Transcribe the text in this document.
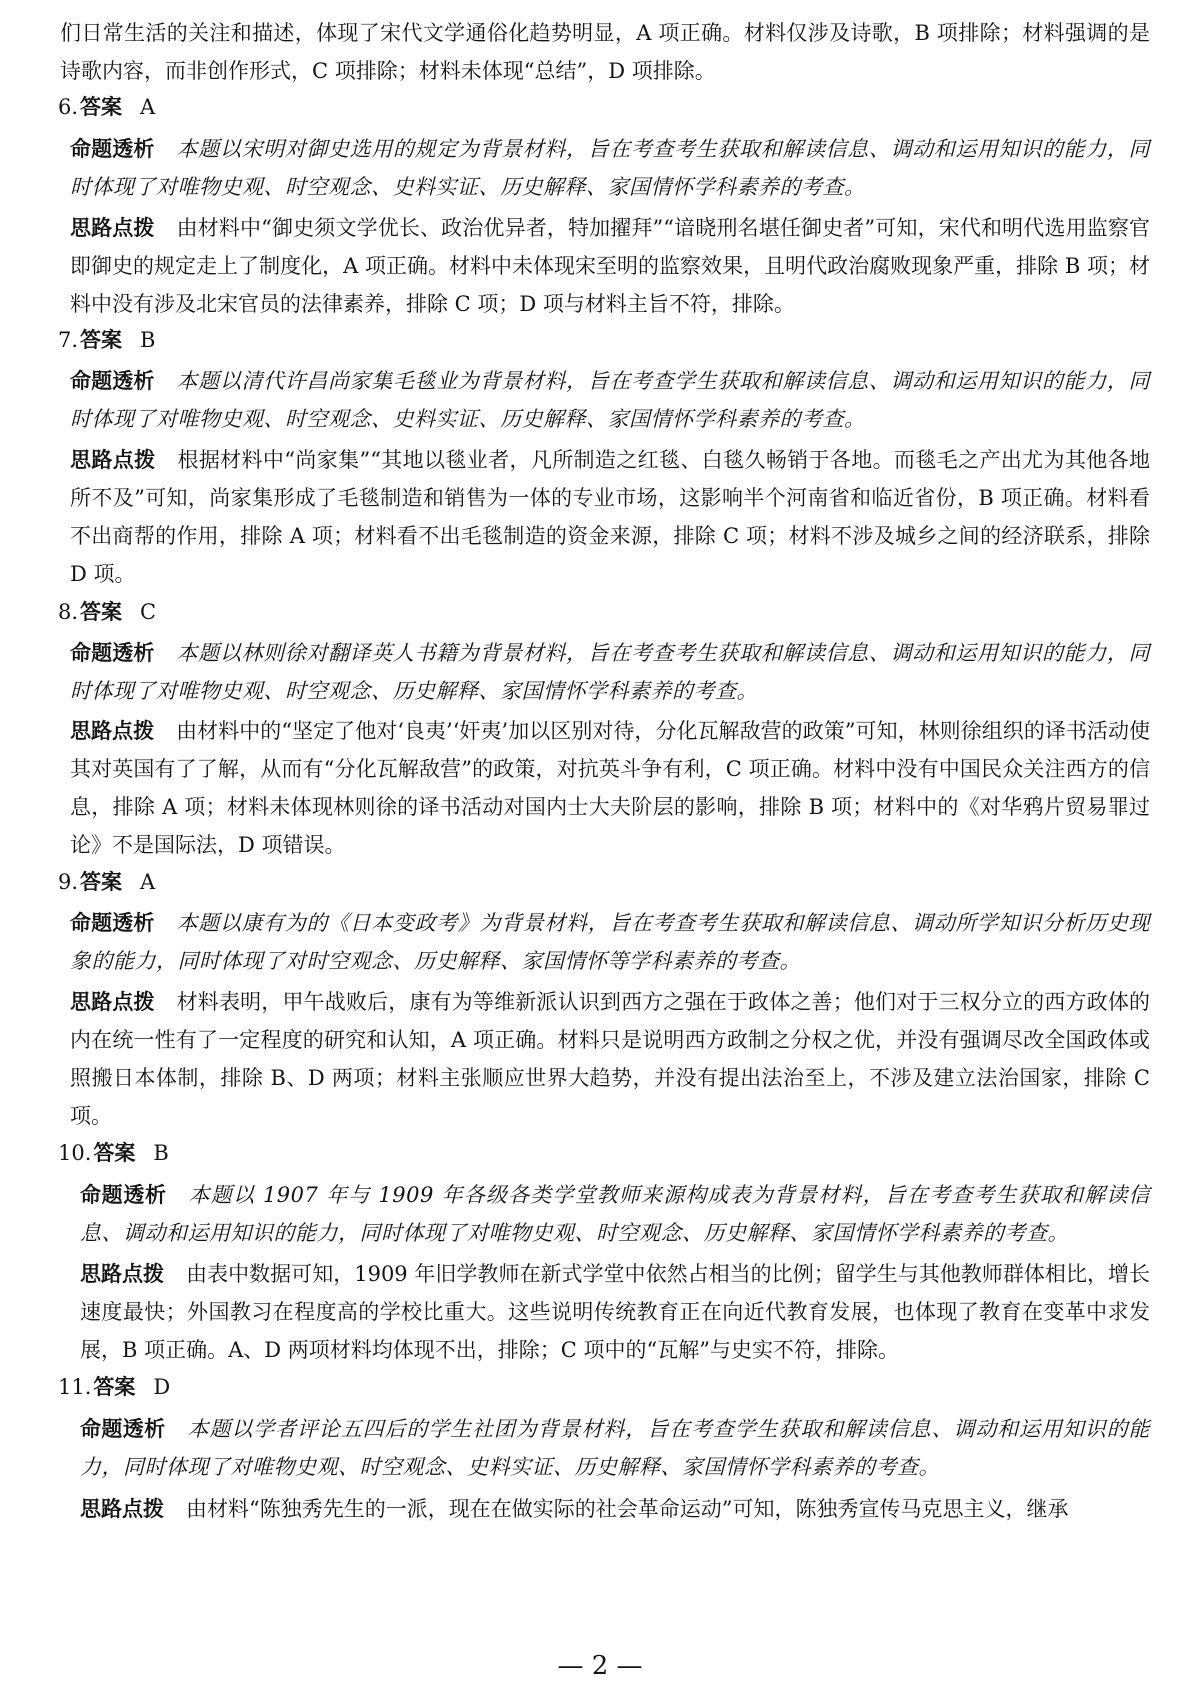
们日常生活的关注和描述，体现了宋代文学通俗化趋势明显，A 项正确。材料仅涉及诗歌，B 项排除；材料强调的是诗歌内容，而非创作形式，C 项排除；材料未体现“总结”，D 项排除。
6.答案 A

命题透析 本题以宋明对御史选用的规定为背景材料，旨在考查考生获取和解读信息、调动和运用知识的能力，同时体现了对唯物史观、时空观念、史料实证、历史解释、家国情怀学科素养的考查。

思路点拨 由材料中“御史须文学优长、政治优异者，特加擢拜”“谙晓刑名堪任御史者”可知，宋代和明代选用监察官即御史的规定走上了制度化，A 项正确。材料中未体现宋至明的监察效果，且明代政治腐败现象严重，排除 B 项；材料中没有涉及北宋官员的法律素养，排除 C 项；D 项与材料主旨不符，排除。

7.答案 B

命题透析 本题以清代许昌尚家集毛毯业为背景材料，旨在考查学生获取和解读信息、调动和运用知识的能力，同时体现了对唯物史观、时空观念、史料实证、历史解释、家国情怀学科素养的考查。

思路点拨 根据材料中“尚家集”“其地以毯业者，凡所制造之红毯、白毯久畅销于各地。而毯毛之产出尤为其他各地所不及”可知，尚家集形成了毛毯制造和销售为一体的专业市场，这影响半个河南省和临近省份，B 项正确。材料看不出商帮的作用，排除 A 项；材料看不出毛毯制造的资金来源，排除 C 项；材料不涉及城乡之间的经济联系，排除 D 项。

8.答案 C

命题透析 本题以林则徐对翻译英人书籍为背景材料，旨在考查考生获取和解读信息、调动和运用知识的能力，同时体现了对唯物史观、时空观念、历史解释、家国情怀学科素养的考查。

思路点拨 由材料中的“坚定了他对‘良夷’‘奸夷’加以区别对待，分化瓦解敌营的政策”可知，林则徐组织的译书活动使其对英国有了了解，从而有“分化瓦解敌营”的政策，对抗英斗争有利，C 项正确。材料中没有中国民众关注西方的信息，排除 A 项；材料未体现林则徐的译书活动对国内士大夫阶层的影响，排除 B 项；材料中的《对华鸦片贸易罪过论》不是国际法，D 项错误。

9.答案 A

命题透析 本题以康有为的《日本变政考》为背景材料，旨在考查考生获取和解读信息、调动所学知识分析历史现象的能力，同时体现了对时空观念、历史解释、家国情怀等学科素养的考查。

思路点拨 材料表明，甲午战败后，康有为等维新派认识到西方之强在于政体之善；他们对于三权分立的西方政体的内在统一性有了一定程度的研究和认知，A 项正确。材料只是说明西方政制之分权之优，并没有强调尽改全国政体或照搬日本体制，排除 B、D 两项；材料主张顺应世界大趋势，并没有提出法治至上，不涉及建立法治国家，排除 C 项。

10.答案 B

命题透析 本题以 1907 年与 1909 年各级各类学堂教师来源构成表为背景材料，旨在考查考生获取和解读信息、调动和运用知识的能力，同时体现了对唯物史观、时空观念、历史解释、家国情怀学科素养的考查。

思路点拨 由表中数据可知，1909 年旧学教师在新式学堂中依然占相当的比例；留学生与其他教师群体相比，增长速度最快；外国教习在程度高的学校比重大。这些说明传统教育正在向近代教育发展，也体现了教育在变革中求发展，B 项正确。A、D 两项材料均体现不出，排除；C 项中的“瓦解”与史实不符，排除。

11.答案 D

命题透析 本题以学者评论五四后的学生社团为背景材料，旨在考查学生获取和解读信息、调动和运用知识的能力，同时体现了对唯物史观、时空观念、史料实证、历史解释、家国情怀学科素养的考查。

思路点拨 由材料“陈独秀先生的一派，现在在做实际的社会革命运动”可知，陈独秀宣传马克思主义，继承

— 2 —
